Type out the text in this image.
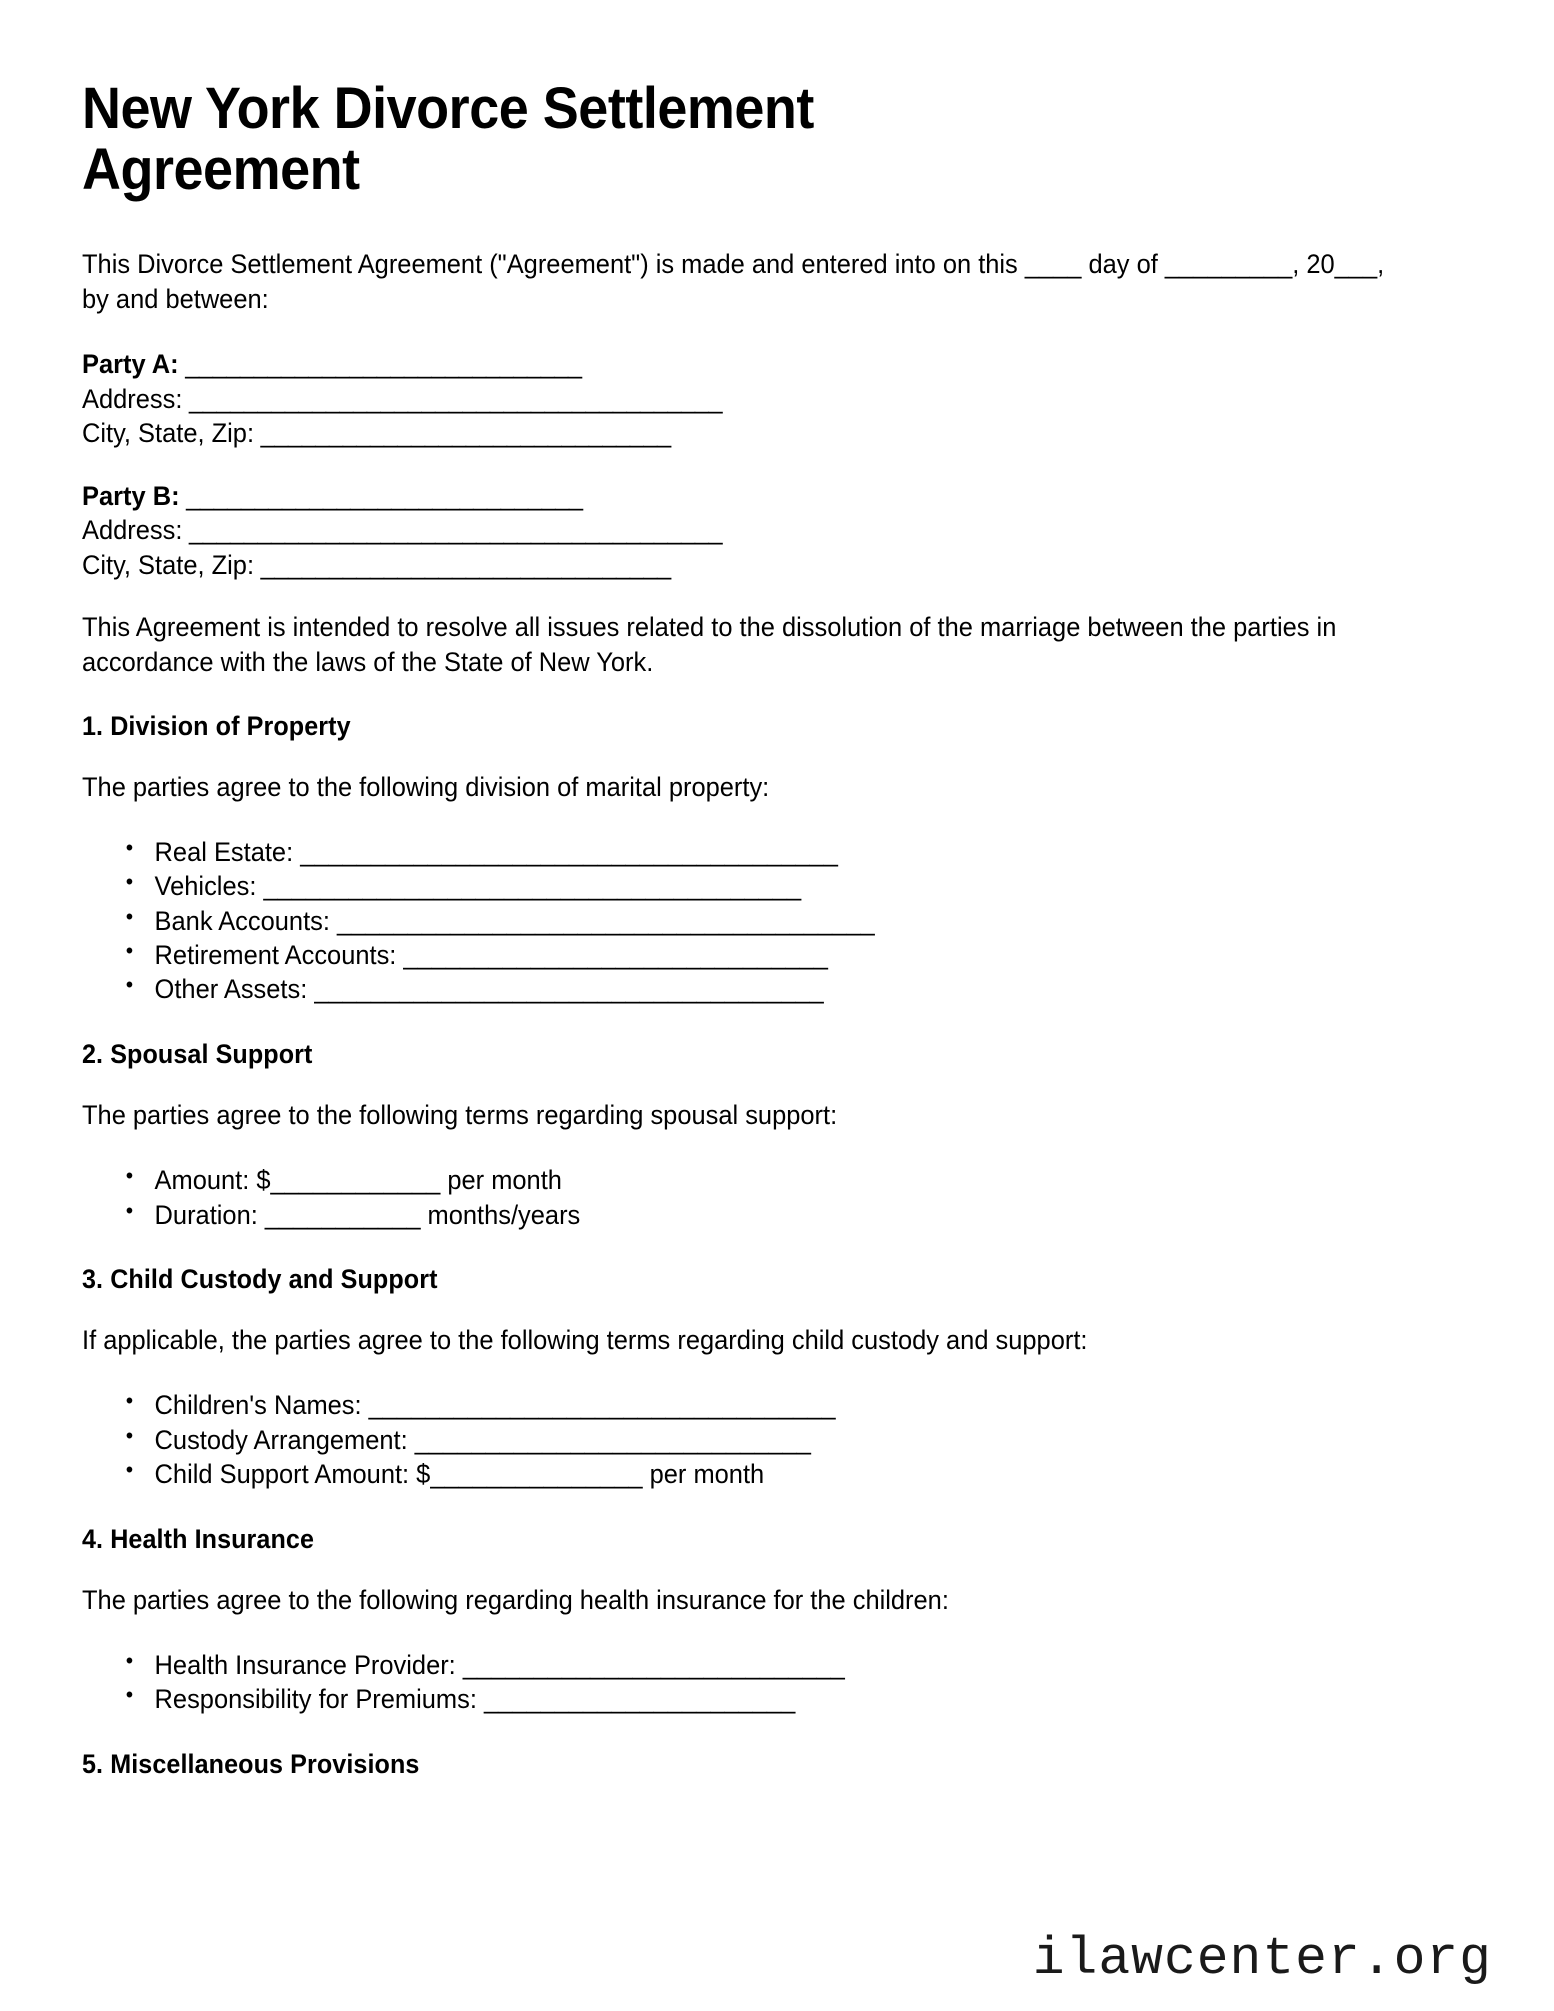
New York Divorce Settlement Agreement

This Divorce Settlement Agreement ("Agreement") is made and entered into on this ____ day of _________, 20___, by and between:

Party A: _____________________________
Address: _______________________________________
City, State, Zip: ______________________________
Party B: _____________________________
Address: _______________________________________
City, State, Zip: ______________________________

This Agreement is intended to resolve all issues related to the dissolution of the marriage between the parties in accordance with the laws of the State of New York.

1. Division of Property

The parties agree to the following division of marital property:

• Real Estate: ______________________________________
• Vehicles: ______________________________________
• Bank Accounts: ______________________________________
• Retirement Accounts: ______________________________
• Other Assets: ____________________________________
2. Spousal Support

The parties agree to the following terms regarding spousal support:

• Amount: $____________ per month
• Duration: ___________ months/years
3. Child Custody and Support

If applicable, the parties agree to the following terms regarding child custody and support:

• Children's Names: _________________________________
• Custody Arrangement: ____________________________
• Child Support Amount: $_______________ per month
4. Health Insurance

The parties agree to the following regarding health insurance for the children:

• Health Insurance Provider: ___________________________
• Responsibility for Premiums: ______________________
5. Miscellaneous Provisions
ilawcenter.org
